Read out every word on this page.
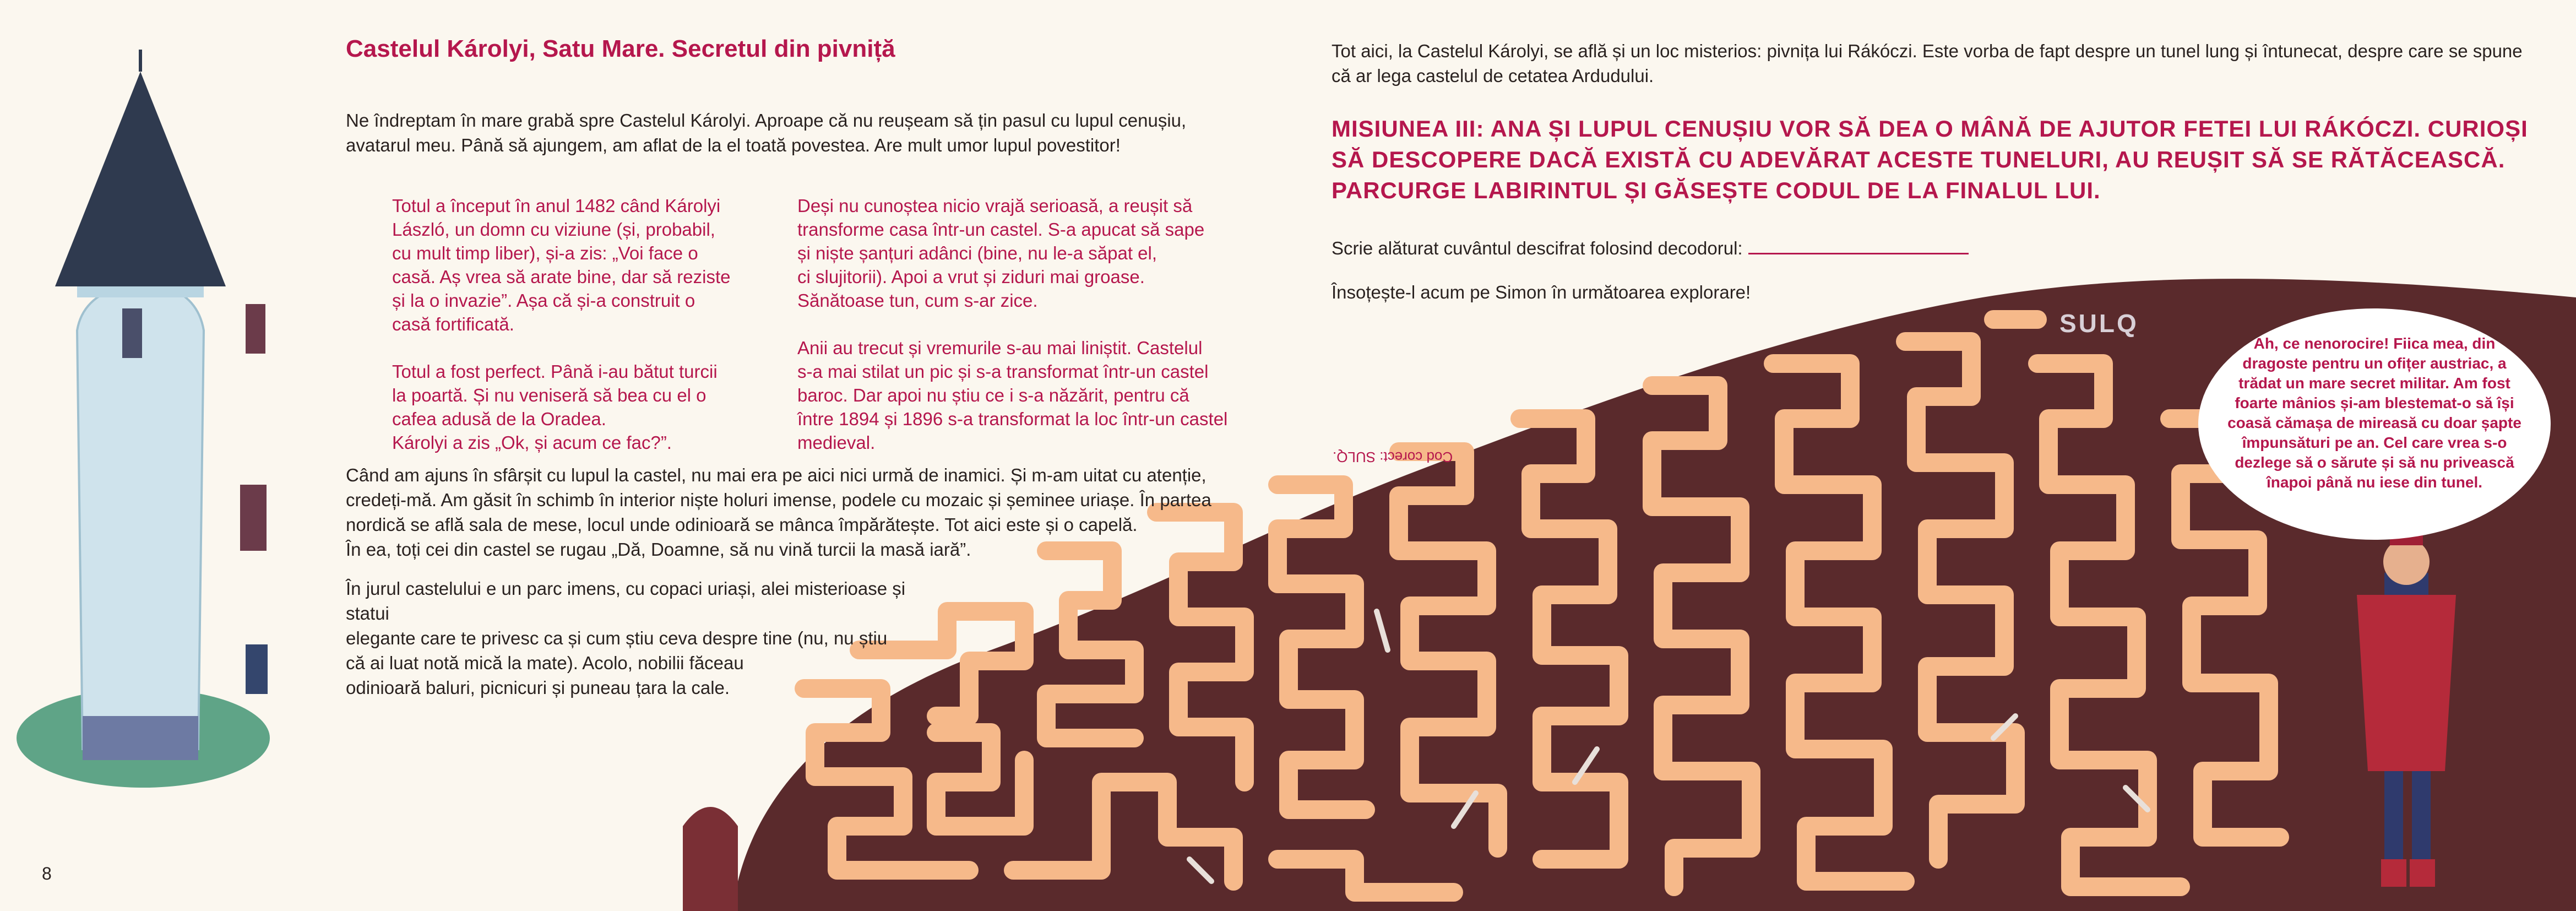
Castelul Károlyi, Satu Mare. Secretul din pivniță
Ne îndreptam în mare grabă spre Castelul Károlyi. Aproape că nu reușeam să țin pasul cu lupul cenușiu, avatarul meu. Până să ajungem, am aflat de la el toată povestea. Are mult umor lupul povestitor!
Totul a început în anul 1482 când Károlyi
László, un domn cu viziune (și, probabil,
cu mult timp liber), și-a zis: „Voi face o
casă. Aș vrea să arate bine, dar să reziste
și la o invazie”. Așa că și-a construit o
casă fortificată.

Totul a fost perfect. Până i-au bătut turcii
la poartă. Și nu veniseră să bea cu el o
cafea adusă de la Oradea.
Károlyi a zis „Ok, și acum ce fac?”.
Deși nu cunoștea nicio vrajă serioasă, a reușit să
transforme casa într-un castel. S-a apucat să sape
și niște șanțuri adânci (bine, nu le-a săpat el,
ci slujitorii). Apoi a vrut și ziduri mai groase.
Sănătoase tun, cum s-ar zice.

Anii au trecut și vremurile s-au mai liniștit. Castelul
s-a mai stilat un pic și s-a transformat într-un castel
baroc. Dar apoi nu știu ce i s-a năzărit, pentru că
între 1894 și 1896 s-a transformat la loc într-un castel
medieval.
Când am ajuns în sfârșit cu lupul la castel, nu mai era pe aici nici urmă de inamici. Și m-am uitat cu atenție,
credeți-mă. Am găsit în schimb în interior niște holuri imense, podele cu mozaic și șeminee uriașe. În partea
nordică se află sala de mese, locul unde odinioară se mânca împărătește. Tot aici este și o capelă.
În ea, toți cei din castel se rugau „Dă, Doamne, să nu vină turcii la masă iară”.
În jurul castelului e un parc imens, cu copaci uriași, alei misterioase și statui
elegante care te privesc ca și cum știu ceva despre tine (nu, nu știu
că ai luat notă mică la mate). Acolo, nobilii făceau
odinioară baluri, picnicuri și puneau țara la cale.
8
Tot aici, la Castelul Károlyi, se află și un loc misterios: pivnița lui Rákóczi. Este vorba de fapt despre un tunel lung și întunecat, despre care se spune că ar lega castelul de cetatea Ardudului.
MISIUNEA III: ANA ȘI LUPUL CENUȘIU VOR SĂ DEA O MÂNĂ DE AJUTOR FETEI LUI RÁKÓCZI. CURIOȘI SĂ DESCOPERE DACĂ EXISTĂ CU ADEVĂRAT ACESTE TUNELURI, AU REUȘIT SĂ SE RĂTĂCEASCĂ. PARCURGE LABIRINTUL ȘI GĂSEȘTE CODUL DE LA FINALUL LUI.
Scrie alăturat cuvântul descifrat folosind decodorul:
Însoțește-l acum pe Simon în următoarea explorare!
Cod corect: SULQ.
SULQ
Ah, ce nenorocire! Fiica mea, din dragoste pentru un ofițer austriac, a trădat un mare secret militar. Am fost foarte mânios și-am blestemat-o să își coasă cămașa de mireasă cu doar șapte împunsături pe an. Cel care vrea s-o dezlege să o sărute și să nu privească înapoi până nu iese din tunel.
